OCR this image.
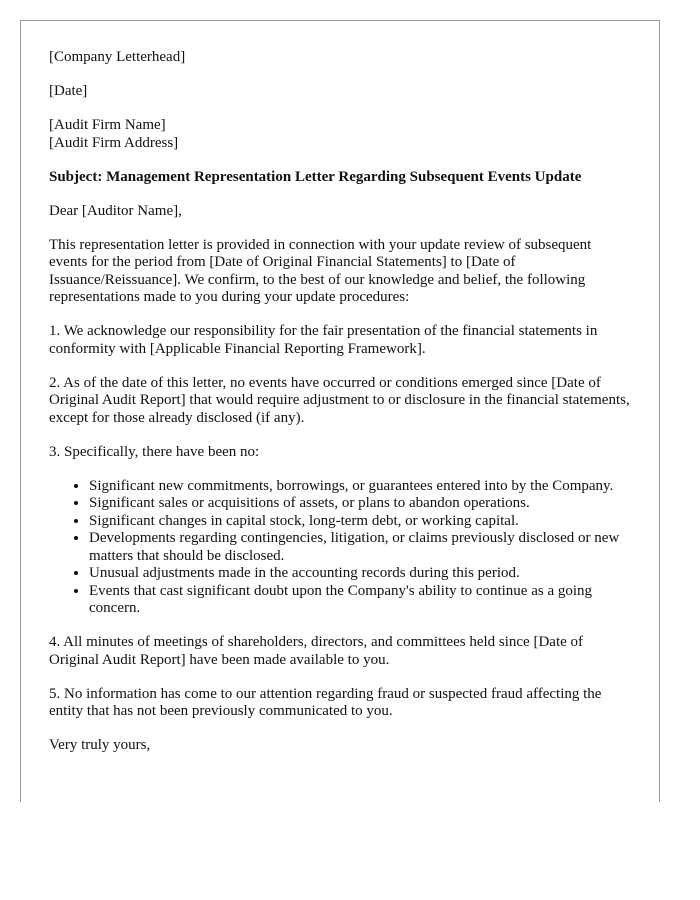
[Company Letterhead]

[Date]

[Audit Firm Name]
[Audit Firm Address]

Subject: Management Representation Letter Regarding Subsequent Events Update

Dear [Auditor Name],

This representation letter is provided in connection with your update review of subsequent events for the period from [Date of Original Financial Statements] to [Date of Issuance/Reissuance]. We confirm, to the best of our knowledge and belief, the following representations made to you during your update procedures:

1. We acknowledge our responsibility for the fair presentation of the financial statements in conformity with [Applicable Financial Reporting Framework].

2. As of the date of this letter, no events have occurred or conditions emerged since [Date of Original Audit Report] that would require adjustment to or disclosure in the financial statements, except for those already disclosed (if any).

3. Specifically, there have been no:

• Significant new commitments, borrowings, or guarantees entered into by the Company.
• Significant sales or acquisitions of assets, or plans to abandon operations.
• Significant changes in capital stock, long-term debt, or working capital.
• Developments regarding contingencies, litigation, or claims previously disclosed or new matters that should be disclosed.
• Unusual adjustments made in the accounting records during this period.
• Events that cast significant doubt upon the Company's ability to continue as a going concern.

4. All minutes of meetings of shareholders, directors, and committees held since [Date of Original Audit Report] have been made available to you.

5. No information has come to our attention regarding fraud or suspected fraud affecting the entity that has not been previously communicated to you.

Very truly yours,
